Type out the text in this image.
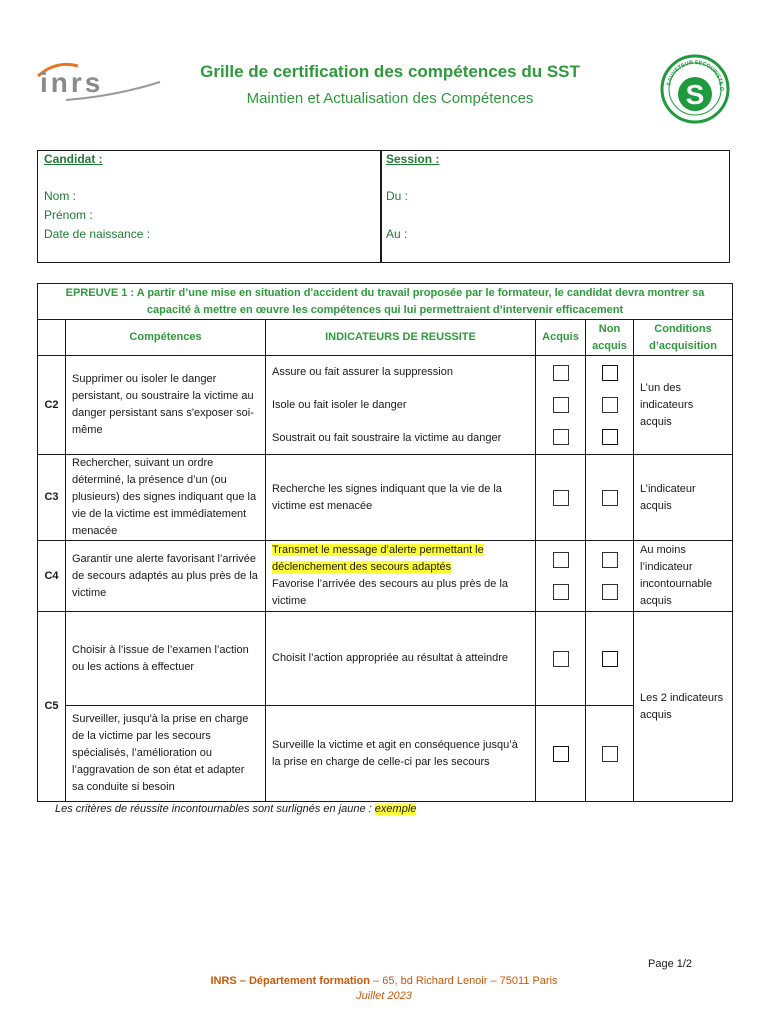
inrs	Grille de certification des compétences du SST
Maintien et Actualisation des Compétences
SAUVETEUR SECOURISTE D
S
Candidat :
Nom :
Prénom :
Date de naissance :
Session :
Du :
Au :
EPREUVE 1 : A partir d’une mise en situation d'accident du travail proposée par le formateur, le candidat devra montrer sa capacité à mettre en œuvre les compétences qui lui permettraient d’intervenir efficacement					
	Compétences	INDICATEURS DE REUSSITE	Acquis	Non acquis	Conditions d’acquisition
C2	Supprimer ou isoler le danger persistant, ou soustraire la victime au danger persistant sans s'exposer soi-même	Assure ou fait assurer la suppression
Isole ou fait isoler le danger
Soustrait ou fait soustraire la victime au danger			L’un des indicateurs acquis
C3	Rechercher, suivant un ordre déterminé, la présence d’un (ou plusieurs) des signes indiquant que la vie de la victime est immédiatement menacée	Recherche les signes indiquant que la vie de la victime est menacée			L’indicateur acquis
C4	Garantir une alerte favorisant l’arrivée de secours adaptés au plus près de la victime	Transmet le message d’alerte permettant le déclenchement des secours adaptés
Favorise l’arrivée des secours au plus près de la victime			Au moins l’indicateur incontournable acquis
C5	Choisir à l’issue de l’examen l’action ou les actions à effectuer	Choisit l’action appropriée au résultat à atteindre			Les 2 indicateurs acquis
	Surveiller, jusqu'à la prise en charge de la victime par les secours spécialisés, l’amélioration ou l’aggravation de son état et adapter sa conduite si besoin	Surveille la victime et agit en conséquence jusqu’à la prise en charge de celle-ci par les secours		

Les critères de réussite incontournables sont surlignés en jaune : exemple
Page 1/2
INRS – Département formation – 65, bd Richard Lenoir – 75011 Paris
Juillet 2023
